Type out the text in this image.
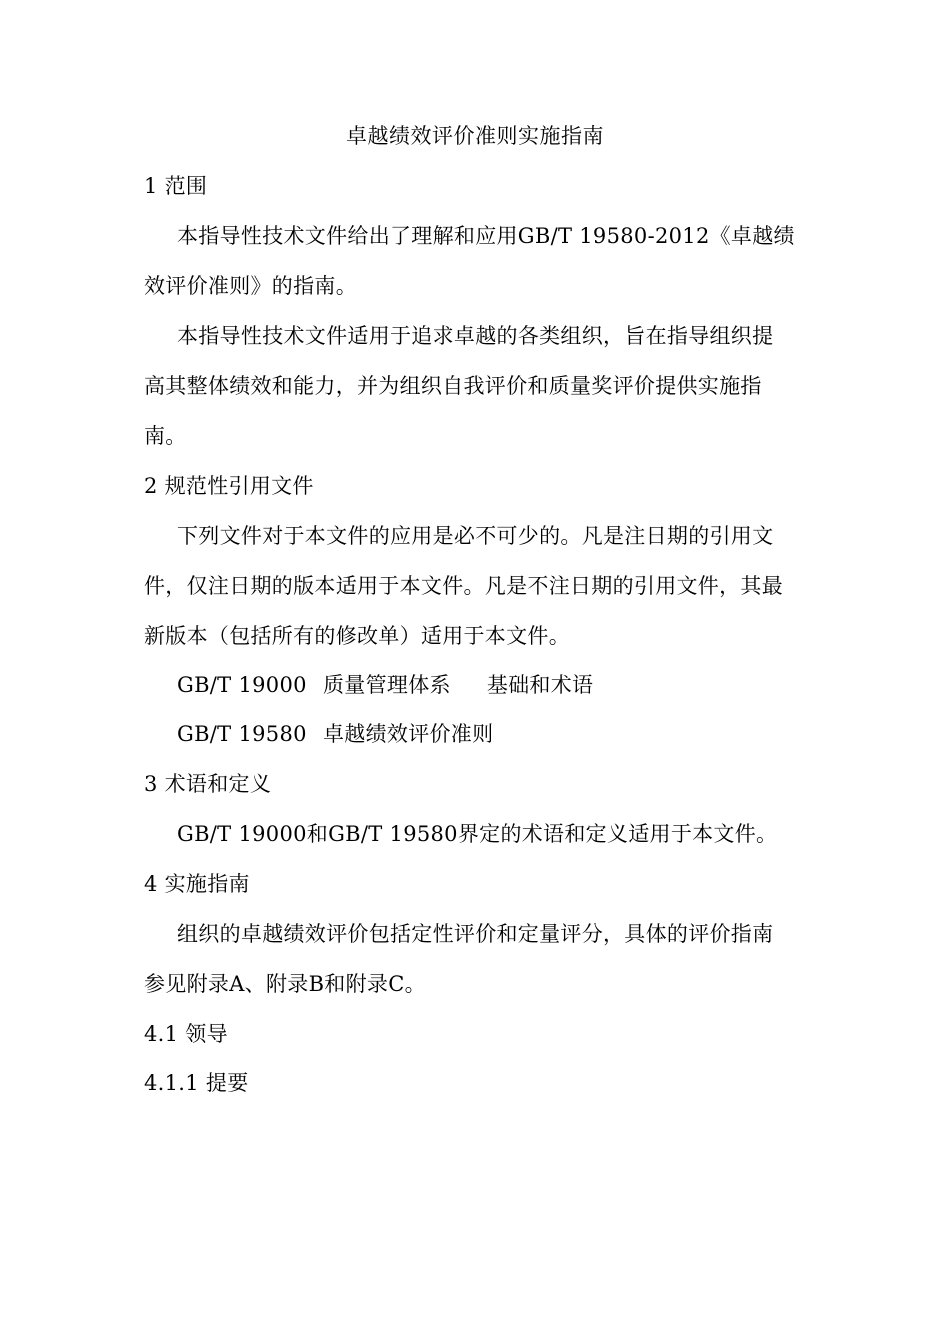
卓越绩效评价准则实施指南
1 范围
本指导性技术文件给出了理解和应用GB/T 19580-2012《卓越绩
效评价准则》的指南。
本指导性技术文件适用于追求卓越的各类组织，旨在指导组织提
高其整体绩效和能力，并为组织自我评价和质量奖评价提供实施指
南。
2 规范性引用文件
下列文件对于本文件的应用是必不可少的。凡是注日期的引用文
件，仅注日期的版本适用于本文件。凡是不注日期的引用文件，其最
新版本（包括所有的修改单）适用于本文件。
GB/T 19000 质量管理体系 基础和术语
GB/T 19580 卓越绩效评价准则
3 术语和定义
GB/T 19000和GB/T 19580界定的术语和定义适用于本文件。
4 实施指南
组织的卓越绩效评价包括定性评价和定量评分，具体的评价指南
参见附录A、附录B和附录C。
4.1 领导
4.1.1 提要
